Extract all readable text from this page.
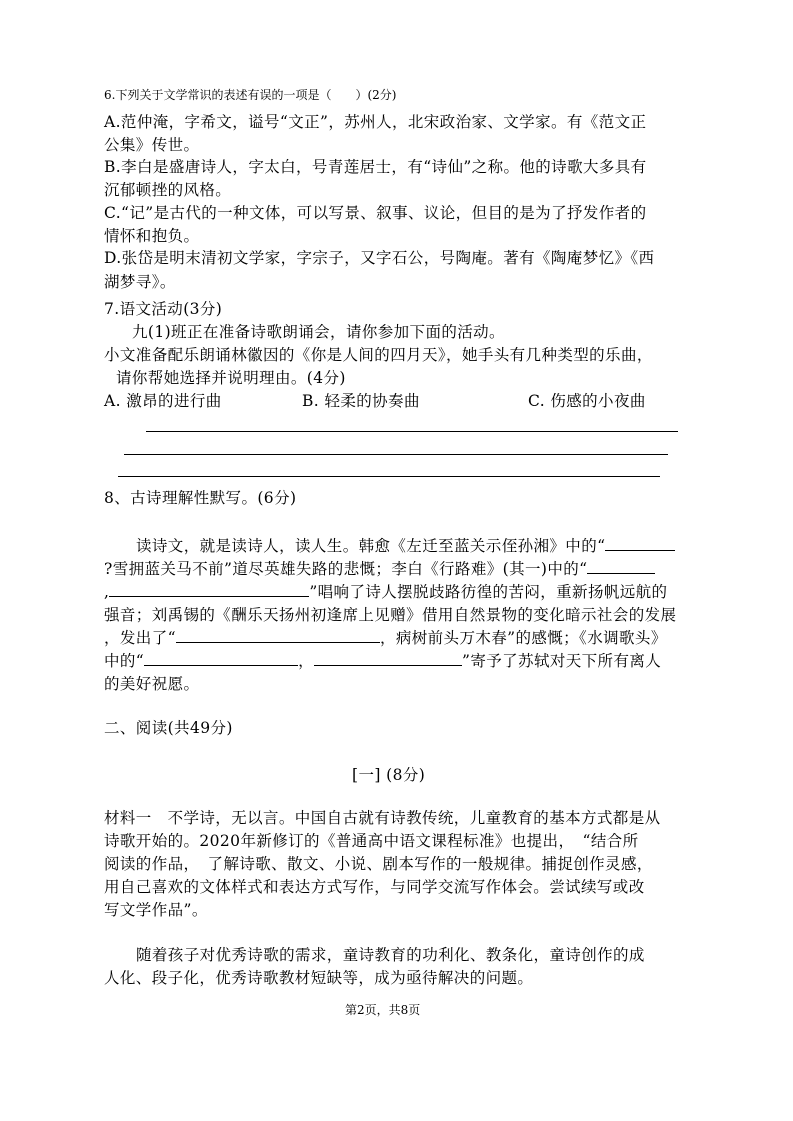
6.下列关于文学常识的表述有误的一项是（　　）(2分)
A.范仲淹，字希文，谥号“文正”，苏州人，北宋政治家、文学家。有《范文正
公集》传世。
B.李白是盛唐诗人，字太白，号青莲居士，有“诗仙”之称。他的诗歌大多具有
沉郁顿挫的风格。
C.“记”是古代的一种文体，可以写景、叙事、议论，但目的是为了抒发作者的
情怀和抱负。
D.张岱是明末清初文学家，字宗子，又字石公，号陶庵。著有《陶庵梦忆》《西
湖梦寻》。
7.语文活动(3分)
九(1)班正在准备诗歌朗诵会，请你参加下面的活动。
小文准备配乐朗诵林徽因的《你是人间的四月天》，她手头有几种类型的乐曲，
请你帮她选择并说明理由。(4分)
A. 激昂的进行曲	B. 轻柔的协奏曲	C. 伤感的小夜曲
8、古诗理解性默写。(6分)
读诗文，就是读诗人，读人生。韩愈《左迁至蓝关示侄孙湘》中的“
?雪拥蓝关马不前”道尽英雄失路的悲慨；李白《行路难》(其一)中的“
,	”唱响了诗人摆脱歧路彷徨的苦闷，重新扬帆远航的
强音；刘禹锡的《酬乐天扬州初逢席上见赠》借用自然景物的变化暗示社会的发展
，发出了“	，病树前头万木春”的感慨；《水调歌头》
中的“	，	”寄予了苏轼对天下所有离人
的美好祝愿。
二、阅读(共49分)
[一] (8分)
材料一　不学诗，无以言。中国自古就有诗教传统，儿童教育的基本方式都是从
诗歌开始的。2020年新修订的《普通高中语文课程标准》也提出，　“结合所
阅读的作品，　了解诗歌、散文、小说、剧本写作的一般规律。捕捉创作灵感，
用自己喜欢的文体样式和表达方式写作，与同学交流写作体会。尝试续写或改
写文学作品”。
随着孩子对优秀诗歌的需求，童诗教育的功利化、教条化，童诗创作的成
人化、段子化，优秀诗歌教材短缺等，成为亟待解决的问题。
第2页，共8页
